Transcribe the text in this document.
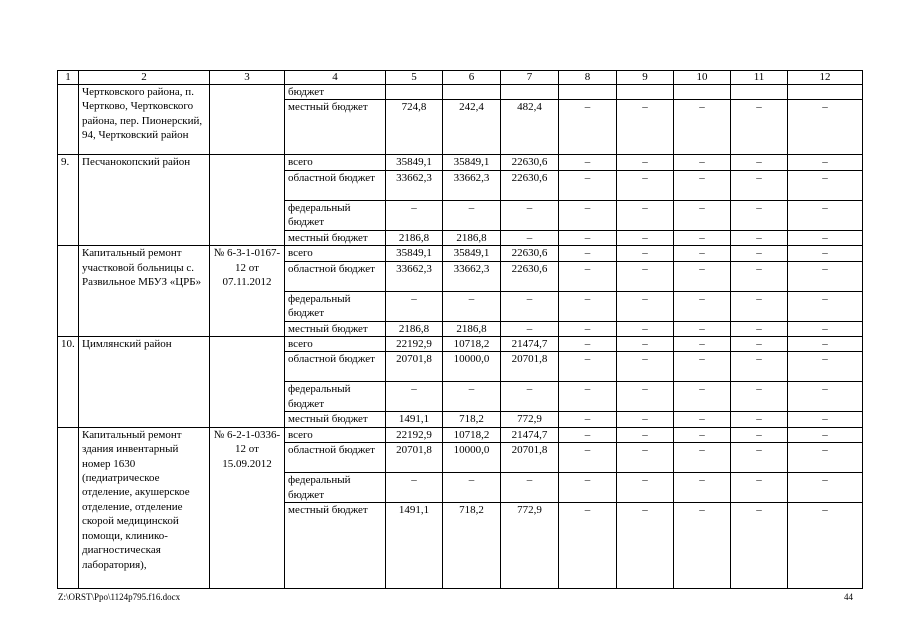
1	2	3	4	5	6	7	8	9	10	11	12
	Чертковского района, п. Чертково, Чертковского района, пер. Пионерский, 94, Чертковский район		бюджет								
			местный бюджет	724,8	242,4	482,4	–	–	–	–	–
9.	Песчанокопский район		всего	35849,1	35849,1	22630,6	–	–	–	–	–
			областной бюджет	33662,3	33662,3	22630,6	–	–	–	–	–
			федеральный бюджет	–	–	–	–	–	–	–	–
			местный бюджет	2186,8	2186,8	–	–	–	–	–	–
	Капитальный ремонт участковой больницы с. Развильное МБУЗ «ЦРБ»	№ 6-3-1-0167-12 от 07.11.2012	всего	35849,1	35849,1	22630,6	–	–	–	–	–
			областной бюджет	33662,3	33662,3	22630,6	–	–	–	–	–
			федеральный бюджет	–	–	–	–	–	–	–	–
			местный бюджет	2186,8	2186,8	–	–	–	–	–	–
10.	Цимлянский район		всего	22192,9	10718,2	21474,7	–	–	–	–	–
			областной бюджет	20701,8	10000,0	20701,8	–	–	–	–	–
			федеральный бюджет	–	–	–	–	–	–	–	–
			местный бюджет	1491,1	718,2	772,9	–	–	–	–	–
	Капитальный ремонт здания инвентарный номер 1630 (педиатрическое отделение, акушерское отделение, отделение скорой медицинской помощи, клинико-диагностическая лаборатория),	№ 6-2-1-0336-12 от 15.09.2012	всего	22192,9	10718,2	21474,7	–	–	–	–	–
			областной бюджет	20701,8	10000,0	20701,8	–	–	–	–	–
			федеральный бюджет	–	–	–	–	–	–	–	–
			местный бюджет	1491,1	718,2	772,9	–	–	–	–	–
Z:\ORST\Ppo\1124p795.f16.docx	44
